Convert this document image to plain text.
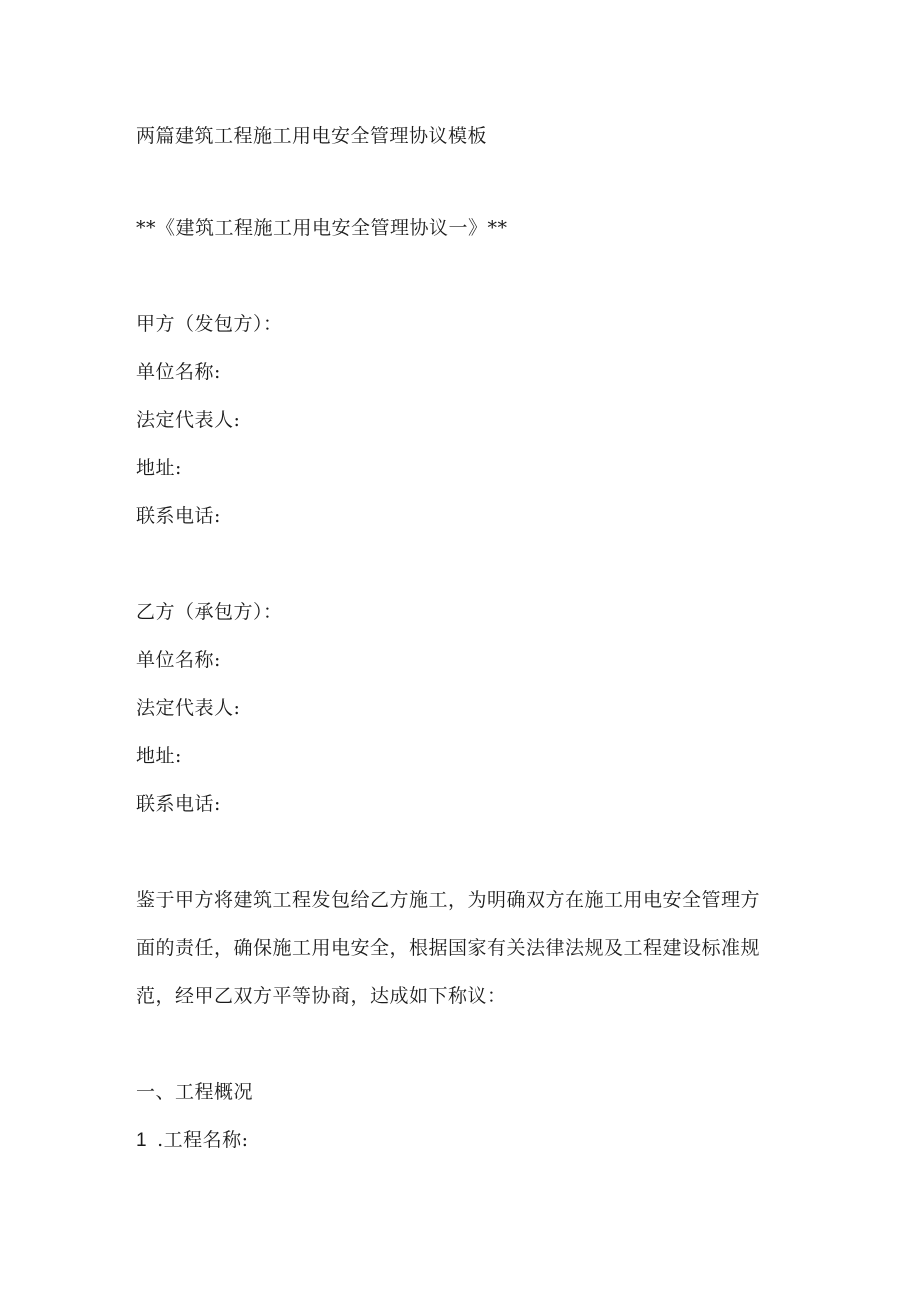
两篇建筑工程施工用电安全管理协议模板
**《建筑工程施工用电安全管理协议一》**
甲方（发包方）：
单位名称:
法定代表人:
地址:
联系电话:
乙方（承包方）：
单位名称:
法定代表人:
地址:
联系电话:
鉴于甲方将建筑工程发包给乙方施工，为明确双方在施工用电安全管理方
面的责任，确保施工用电安全，根据国家有关法律法规及工程建设标准规
范，经甲乙双方平等协商，达成如下称议：
一、工程概况
1 .工程名称:
